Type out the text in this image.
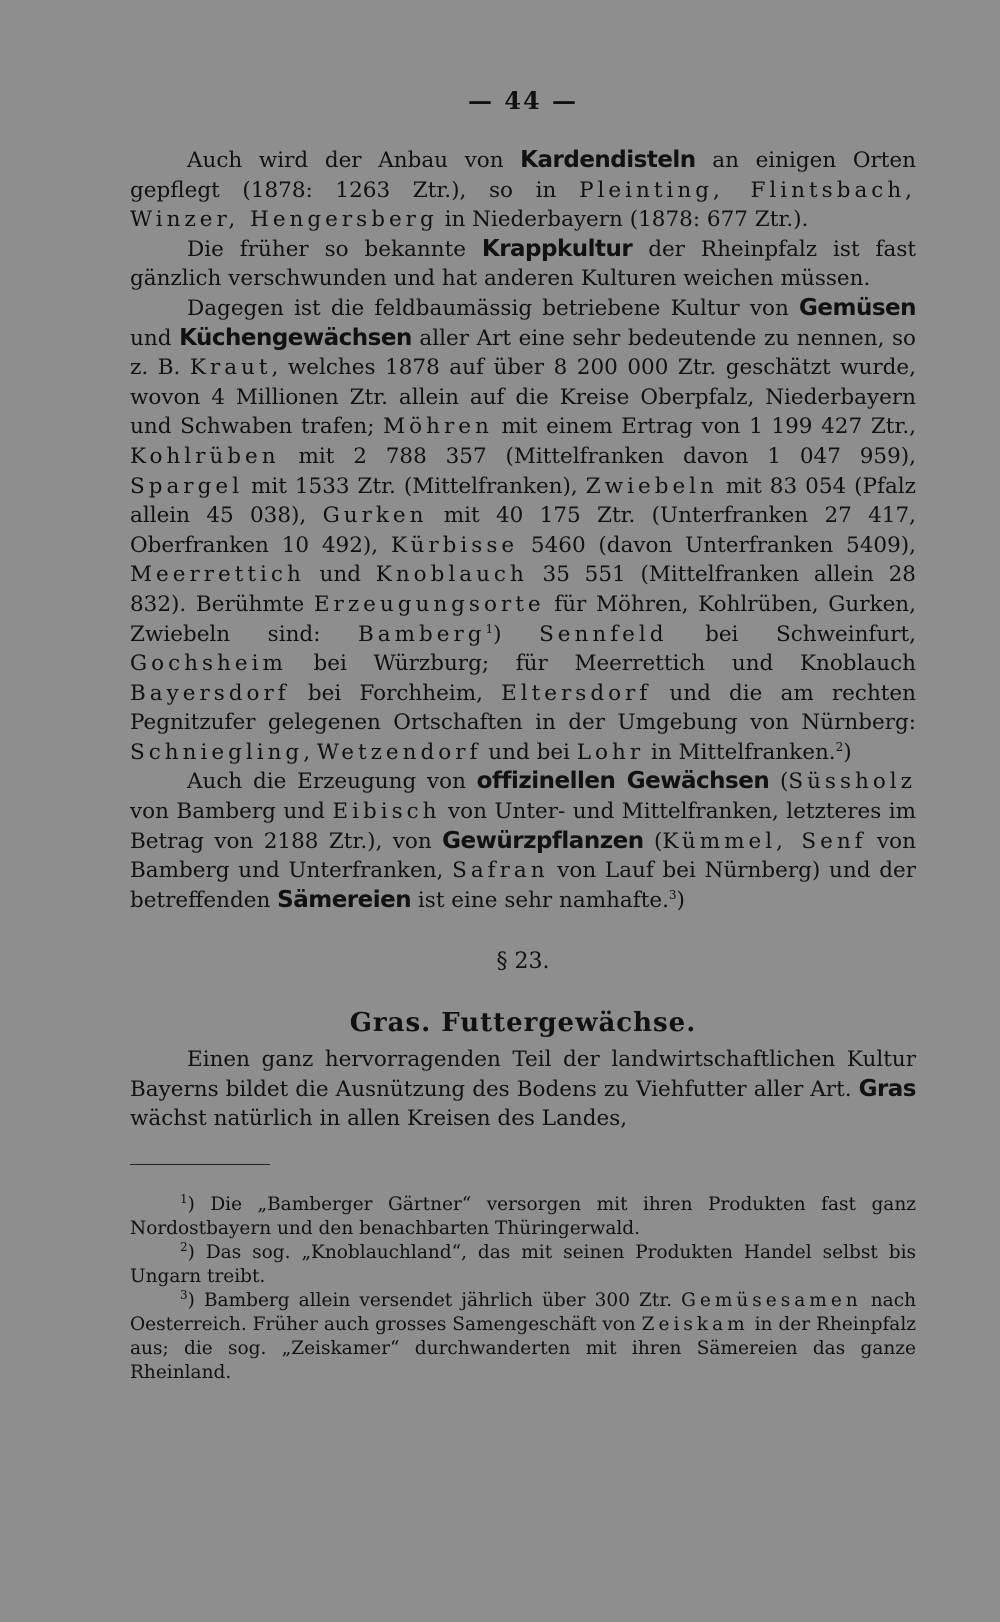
— 44 —

Auch wird der Anbau von Kardendisteln an einigen Orten gepflegt (1878: 1263 Ztr.), so in Pleinting, Flintsbach, Winzer, Hengersberg in Niederbayern (1878: 677 Ztr.).

Die früher so bekannte Krappkultur der Rheinpfalz ist fast gänzlich verschwunden und hat anderen Kulturen weichen müssen.

Dagegen ist die feldbaumässig betriebene Kultur von Gemüsen und Küchengewächsen aller Art eine sehr bedeutende zu nennen, so z. B. Kraut, welches 1878 auf über 8 200 000 Ztr. geschätzt wurde, wovon 4 Millionen Ztr. allein auf die Kreise Oberpfalz, Niederbayern und Schwaben trafen; Möhren mit einem Ertrag von 1 199 427 Ztr., Kohlrüben mit 2 788 357 (Mittelfranken davon 1 047 959), Spargel mit 1533 Ztr. (Mittelfranken), Zwiebeln mit 83 054 (Pfalz allein 45 038), Gurken mit 40 175 Ztr. (Unterfranken 27 417, Oberfranken 10 492), Kürbisse 5460 (davon Unterfranken 5409), Meerrettich und Knoblauch 35 551 (Mittelfranken allein 28 832). Berühmte Erzeugungsorte für Möhren, Kohlrüben, Gurken, Zwiebeln sind: Bamberg$^1$) Sennfeld bei Schweinfurt, Gochsheim bei Würzburg; für Meerrettich und Knoblauch Bayersdorf bei Forchheim, Eltersdorf und die am rechten Pegnitzufer gelegenen Ortschaften in der Umgebung von Nürnberg: Schniegling, Wetzendorf und bei Lohr in Mittelfranken.$^2$)

Auch die Erzeugung von offizinellen Gewächsen (Süssholz von Bamberg und Eibisch von Unter- und Mittelfranken, letzteres im Betrag von 2188 Ztr.), von Gewürzpflanzen (Kümmel, Senf von Bamberg und Unterfranken, Safran von Lauf bei Nürnberg) und der betreffenden Sämereien ist eine sehr namhafte.$^3$)

§ 23.
Gras. Futtergewächse.

Einen ganz hervorragenden Teil der landwirtschaftlichen Kultur Bayerns bildet die Ausnützung des Bodens zu Viehfutter aller Art. Gras wächst natürlich in allen Kreisen des Landes,

$^1$) Die „Bamberger Gärtner“ versorgen mit ihren Produkten fast ganz Nordostbayern und den benachbarten Thüringerwald.

$^2$) Das sog. „Knoblauchland“, das mit seinen Produkten Handel selbst bis Ungarn treibt.

$^3$) Bamberg allein versendet jährlich über 300 Ztr. Gemüsesamen nach Oesterreich. Früher auch grosses Samengeschäft von Zeiskam in der Rheinpfalz aus; die sog. „Zeiskamer“ durchwanderten mit ihren Sämereien das ganze Rheinland.
